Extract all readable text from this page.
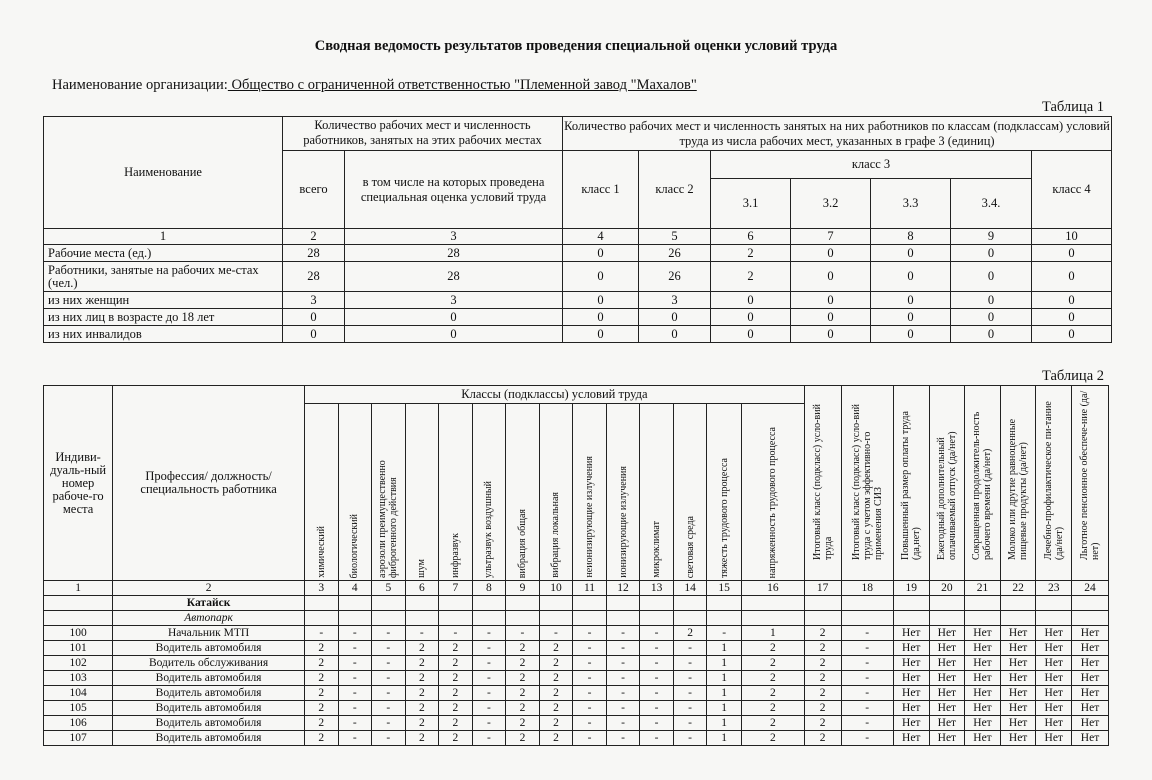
Сводная ведомость результатов проведения специальной оценки условий труда
Наименование организации: Общество с ограниченной ответственностью "Племенной завод "Махалов"
Таблица 1
Наименование	Количество рабочих мест и численность работников, занятых на этих рабочих местах		Количество рабочих мест и численность занятых на них работников по классам (подклассам) условий труда из числа рабочих мест, указанных в графе 3 (единиц)						
	всего	в том числе на которых проведена специальная оценка условий труда	класс 1	класс 2	класс 3				класс 4
					3.1	3.2	3.3	3.4.	
1	2	3	4	5	6	7	8	9	10
Рабочие места (ед.)	28	28	0	26	2	0	0	0	0
Работники, занятые на рабочих ме-стах (чел.)	28	28	0	26	2	0	0	0	0
из них женщин	3	3	0	3	0	0	0	0	0
из них лиц в возрасте до 18 лет	0	0	0	0	0	0	0	0	0
из них инвалидов	0	0	0	0	0	0	0	0	0
Таблица 2
Индиви-дуаль-ный номер рабоче-го места	Профессия/ должность/ специальность работника	Классы (подклассы) условий труда														Итоговый класс (подкласс) усло-вий труда	Итоговый класс (подкласс) усло-вий труда с учетом эффективно-го применения СИЗ	Повышенный размер оплаты труда (да,нет)	Ежегодный дополнительный оплачиваемый отпуск (да/нет)	Сокращенная продолжитель-ность рабочего времени (да/нет)	Молоко или другие равноценные пищевые продукты (да/нет)	Лечебно-профилактическое пи-тание (да/нет)	Льготное пенсионное обеспече-ние (да/нет)

		химический	биологический	аэрозоли преимущественно фиброгенного действия	шум	инфразвук	ультразвук воздушный	вибрация общая	вибрация локальная	неионизирующие излучения	ионизирующие излучения	микроклимат	световая среда	тяжесть трудового процесса	напряженность трудового процесса								

1	2	3	4	5	6	7	8	9	10	11	12	13	14	15	16	17	18	19	20	21	22	23	24
	Катайск																						
	Автопарк																						
100	Начальник МТП	-	-	-	-	-	-	-	-	-	-	-	2	-	1	2	-	Нет	Нет	Нет	Нет	Нет	Нет
101	Водитель автомобиля	2	-	-	2	2	-	2	2	-	-	-	-	1	2	2	-	Нет	Нет	Нет	Нет	Нет	Нет
102	Водитель обслуживания	2	-	-	2	2	-	2	2	-	-	-	-	1	2	2	-	Нет	Нет	Нет	Нет	Нет	Нет
103	Водитель автомобиля	2	-	-	2	2	-	2	2	-	-	-	-	1	2	2	-	Нет	Нет	Нет	Нет	Нет	Нет
104	Водитель автомобиля	2	-	-	2	2	-	2	2	-	-	-	-	1	2	2	-	Нет	Нет	Нет	Нет	Нет	Нет
105	Водитель автомобиля	2	-	-	2	2	-	2	2	-	-	-	-	1	2	2	-	Нет	Нет	Нет	Нет	Нет	Нет
106	Водитель автомобиля	2	-	-	2	2	-	2	2	-	-	-	-	1	2	2	-	Нет	Нет	Нет	Нет	Нет	Нет
107	Водитель автомобиля	2	-	-	2	2	-	2	2	-	-	-	-	1	2	2	-	Нет	Нет	Нет	Нет	Нет	Нет
